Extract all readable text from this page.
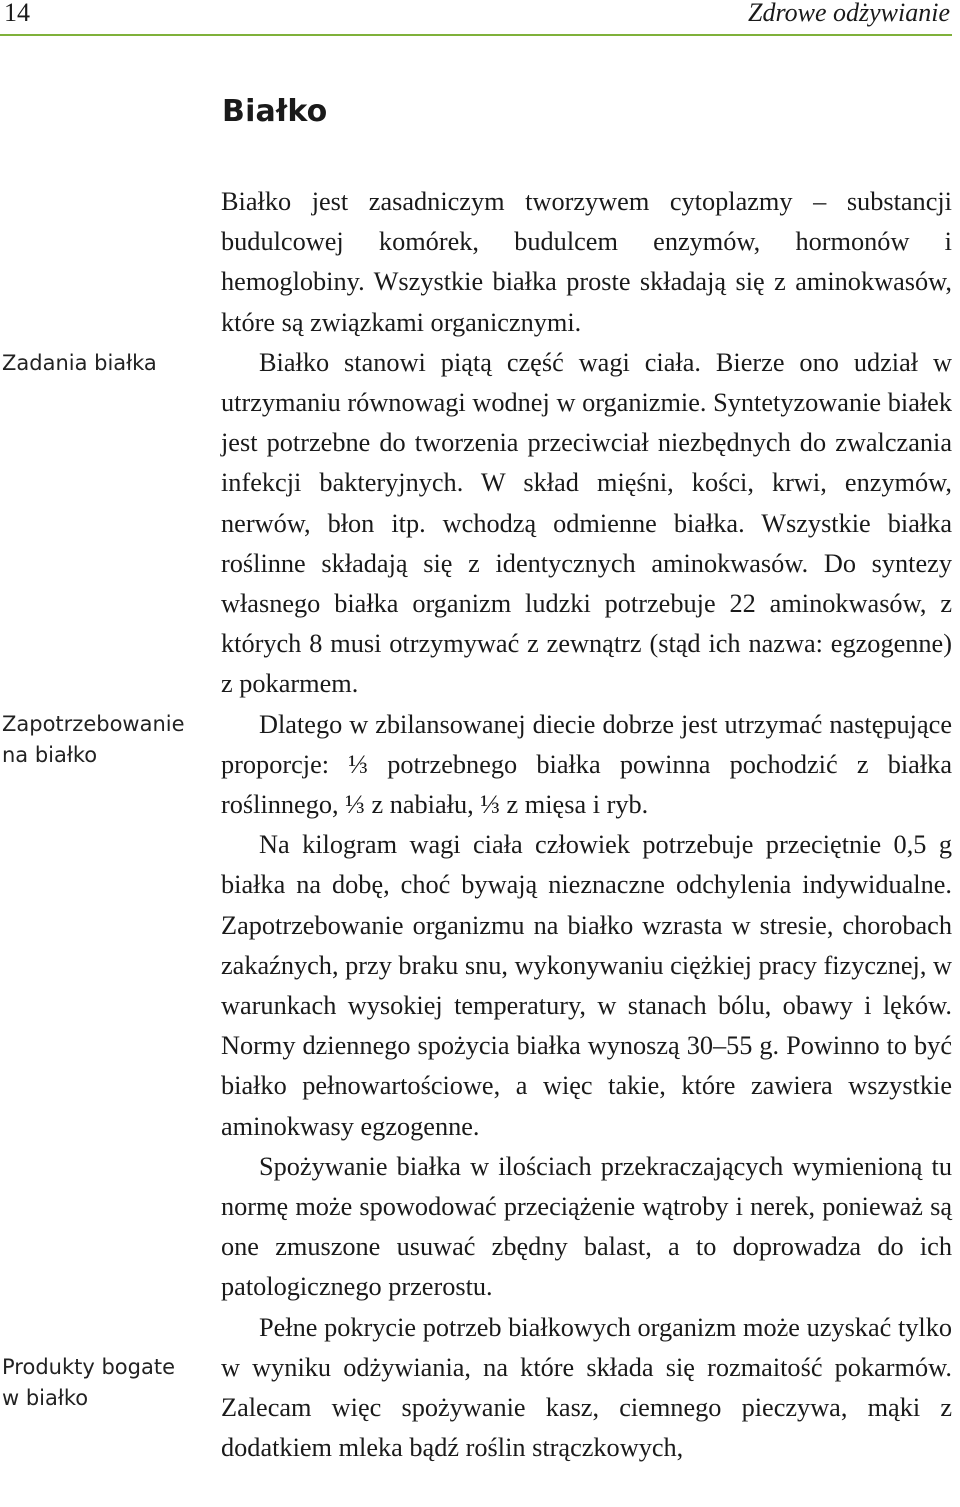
14	Zdrowe odżywianie
Białko
Zadania białka
Zapotrzebowanie
na białko
Produkty bogate
w białko

Białko jest zasadniczym tworzywem cytoplazmy – substancji budulcowej komórek, budulcem enzymów, hormonów i hemoglobiny. Wszystkie białka proste składają się z aminokwasów, które są związkami organicznymi.

Białko stanowi piątą część wagi ciała. Bierze ono udział w utrzymaniu równowagi wodnej w organizmie. Syntetyzowanie białek jest potrzebne do tworzenia przeciwciał niezbędnych do zwalczania infekcji bakteryjnych. W skład mięśni, kości, krwi, enzymów, nerwów, błon itp. wchodzą odmienne białka. Wszystkie białka roślinne składają się z identycznych aminokwasów. Do syntezy własnego białka organizm ludzki potrzebuje 22 aminokwasów, z których 8 musi otrzymywać z zewnątrz (stąd ich nazwa: egzogenne) z pokarmem.

Dlatego w zbilansowanej diecie dobrze jest utrzymać następujące proporcje: ⅓ potrzebnego białka powinna pochodzić z białka roślinnego, ⅓ z nabiału, ⅓ z mięsa i ryb.

Na kilogram wagi ciała człowiek potrzebuje przeciętnie 0,5 g białka na dobę, choć bywają nieznaczne odchylenia indywidualne. Zapotrzebowanie organizmu na białko wzrasta w stresie, chorobach zakaźnych, przy braku snu, wykonywaniu ciężkiej pracy fizycznej, w warunkach wysokiej temperatury, w stanach bólu, obawy i lęków. Normy dziennego spożycia białka wynoszą 30–55 g. Powinno to być białko pełnowartościowe, a więc takie, które zawiera wszystkie aminokwasy egzogenne.

Spożywanie białka w ilościach przekraczających wymienioną tu normę może spowodować przeciążenie wątroby i nerek, ponieważ są one zmuszone usuwać zbędny balast, a to doprowadza do ich patologicznego przerostu.

Pełne pokrycie potrzeb białkowych organizm może uzyskać tylko w wyniku odżywiania, na które składa się rozmaitość pokarmów. Zalecam więc spożywanie kasz, ciemnego pieczywa, mąki z dodatkiem mleka bądź roślin strączkowych,
